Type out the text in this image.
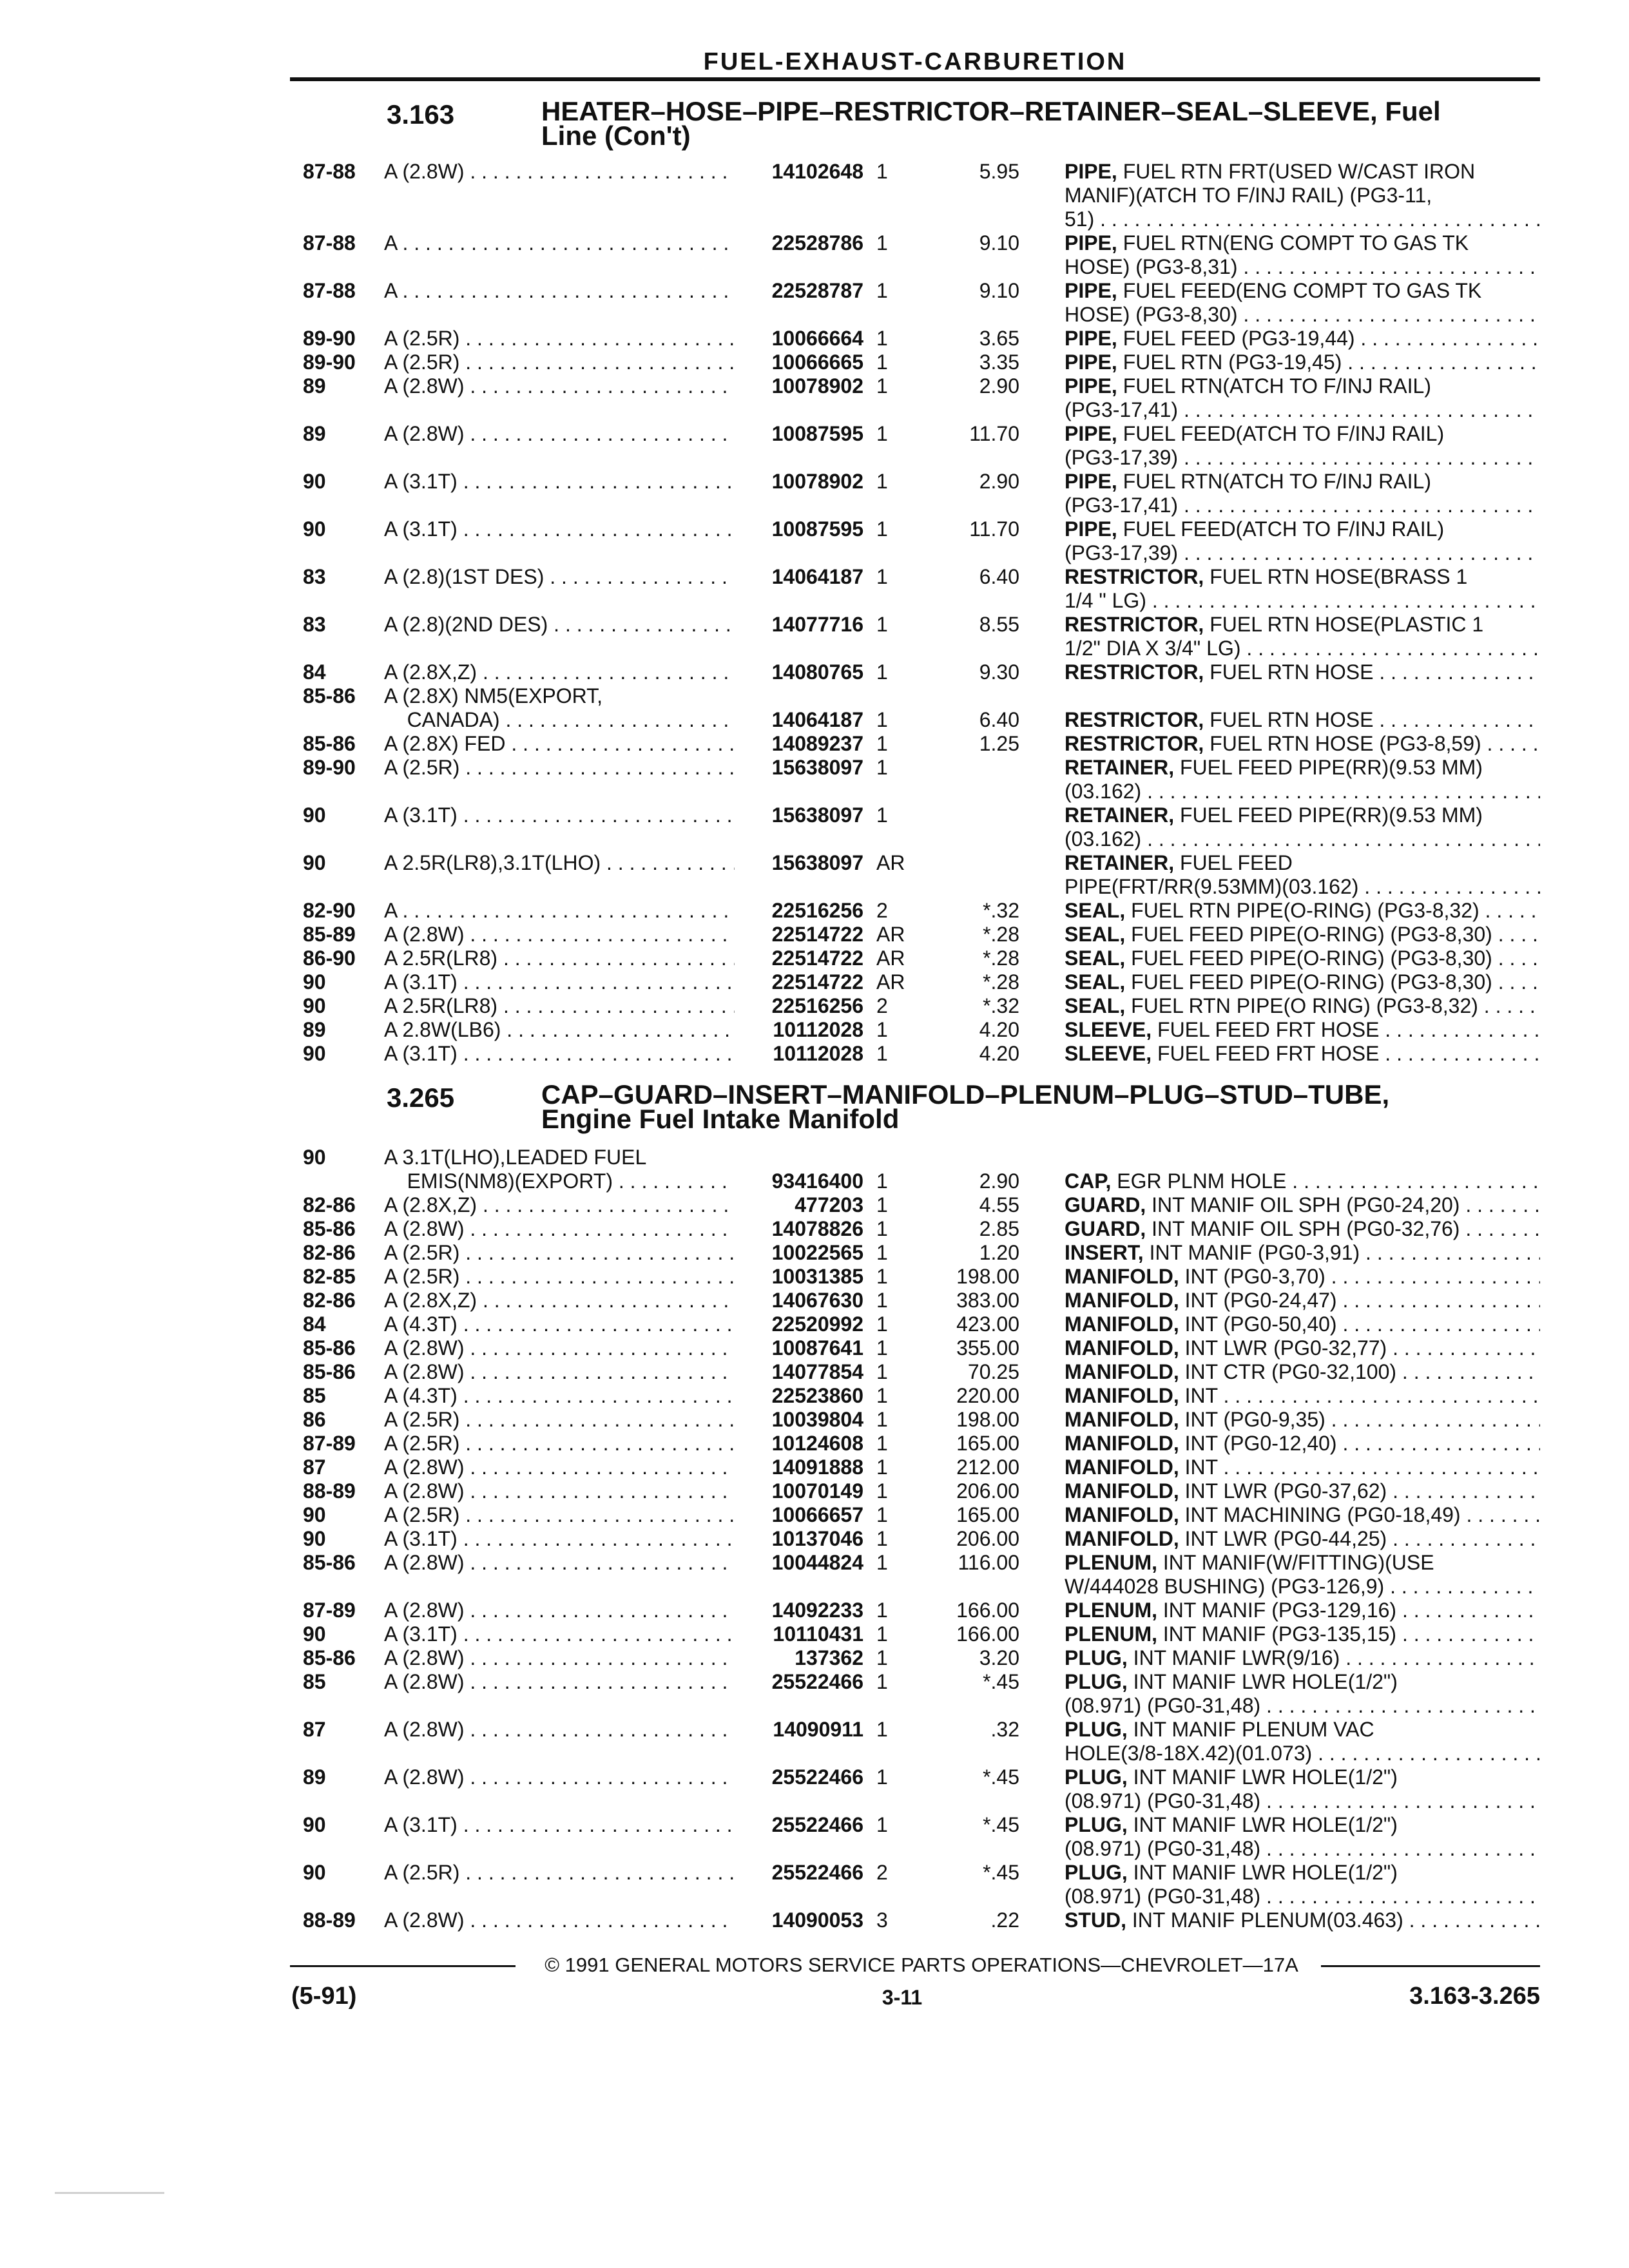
FUEL-EXHAUST-CARBURETION
3.163	HEATER–HOSE–PIPE–RESTRICTOR–RETAINER–SEAL–SLEEVE, Fuel
Line (Con't)
87-88	A (2.8W) . . .	14102648 1	5.95 PIPE, FUEL RTN FRT(USED W/CAST IRON
MANIF)(ATCH TO F/INJ RAIL) (PG3-11,
51) . . .
87-88	A . . .	22528786 1	9.10 PIPE, FUEL RTN(ENG COMPT TO GAS TK
HOSE) (PG3-8,31) . . .
87-88	A . . .	22528787 1	9.10 PIPE, FUEL FEED(ENG COMPT TO GAS TK
HOSE) (PG3-8,30) . . .
89-90	A (2.5R) . . .	10066664 1	3.65 PIPE, FUEL FEED (PG3-19,44) . . .
89-90	A (2.5R) . . .	10066665 1	3.35 PIPE, FUEL RTN (PG3-19,45) . . .
89	A (2.8W) . . .	10078902 1	2.90 PIPE, FUEL RTN(ATCH TO F/INJ RAIL)
(PG3-17,41) . . .
89	A (2.8W) . . .	10087595 1	11.70 PIPE, FUEL FEED(ATCH TO F/INJ RAIL)
(PG3-17,39) . . .
90	A (3.1T) . . .	10078902 1	2.90 PIPE, FUEL RTN(ATCH TO F/INJ RAIL)
(PG3-17,41) . . .
90	A (3.1T) . . .	10087595 1	11.70 PIPE, FUEL FEED(ATCH TO F/INJ RAIL)
(PG3-17,39) . . .
83	A (2.8)(1ST DES) . . .	14064187 1	6.40 RESTRICTOR, FUEL RTN HOSE(BRASS 1
1/4 " LG) . . .
83	A (2.8)(2ND DES) . . .	14077716 1	8.55 RESTRICTOR, FUEL RTN HOSE(PLASTIC 1
1/2" DIA X 3/4" LG) . . .
84	A (2.8X,Z) . . .	14080765 1	9.30 RESTRICTOR, FUEL RTN HOSE . . .
85-86	A (2.8X) NM5(EXPORT,
CANADA) . . .	14064187 1	6.40 RESTRICTOR, FUEL RTN HOSE . . .
85-86	A (2.8X) FED . . .	14089237 1	1.25 RESTRICTOR, FUEL RTN HOSE (PG3-8,59) . . .
89-90	A (2.5R) . . .	15638097 1	RETAINER, FUEL FEED PIPE(RR)(9.53 MM)
(03.162) . . .
90	A (3.1T) . . .	15638097 1	RETAINER, FUEL FEED PIPE(RR)(9.53 MM)
(03.162) . . .
90	A 2.5R(LR8),3.1T(LHO) . . .	15638097 AR	RETAINER, FUEL FEED
PIPE(FRT/RR(9.53MM)(03.162) . . .
82-90	A . . .	22516256 2	*.32 SEAL, FUEL RTN PIPE(O-RING) (PG3-8,32) . . .
85-89	A (2.8W) . . .	22514722 AR	*.28 SEAL, FUEL FEED PIPE(O-RING) (PG3-8,30) . . .
86-90	A 2.5R(LR8) . . .	22514722 AR	*.28 SEAL, FUEL FEED PIPE(O-RING) (PG3-8,30) . . .
90	A (3.1T) . . .	22514722 AR	*.28 SEAL, FUEL FEED PIPE(O-RING) (PG3-8,30) . . .
90	A 2.5R(LR8) . . .	22516256 2	*.32 SEAL, FUEL RTN PIPE(O RING) (PG3-8,32) . . .
89	A 2.8W(LB6) . . .	10112028 1	4.20 SLEEVE, FUEL FEED FRT HOSE . . .
90	A (3.1T) . . .	10112028 1	4.20 SLEEVE, FUEL FEED FRT HOSE . . .
3.265	CAP–GUARD–INSERT–MANIFOLD–PLENUM–PLUG–STUD–TUBE,
Engine Fuel Intake Manifold
90	A 3.1T(LHO),LEADED FUEL
EMIS(NM8)(EXPORT) . . .	93416400 1	2.90 CAP, EGR PLNM HOLE . . .
82-86	A (2.8X,Z) . . .	477203 1	4.55 GUARD, INT MANIF OIL SPH (PG0-24,20) . . .
85-86	A (2.8W) . . .	14078826 1	2.85 GUARD, INT MANIF OIL SPH (PG0-32,76) . . .
82-86	A (2.5R) . . .	10022565 1	1.20 INSERT, INT MANIF (PG0-3,91) . . .
82-85	A (2.5R) . . .	10031385 1	198.00 MANIFOLD, INT (PG0-3,70) . . .
82-86	A (2.8X,Z) . . .	14067630 1	383.00 MANIFOLD, INT (PG0-24,47) . . .
84	A (4.3T) . . .	22520992 1	423.00 MANIFOLD, INT (PG0-50,40) . . .
85-86	A (2.8W) . . .	10087641 1	355.00 MANIFOLD, INT LWR (PG0-32,77) . . .
85-86	A (2.8W) . . .	14077854 1	70.25 MANIFOLD, INT CTR (PG0-32,100) . . .
85	A (4.3T) . . .	22523860 1	220.00 MANIFOLD, INT . . .
86	A (2.5R) . . .	10039804 1	198.00 MANIFOLD, INT (PG0-9,35) . . .
87-89	A (2.5R) . . .	10124608 1	165.00 MANIFOLD, INT (PG0-12,40) . . .
87	A (2.8W) . . .	14091888 1	212.00 MANIFOLD, INT . . .
88-89	A (2.8W) . . .	10070149 1	206.00 MANIFOLD, INT LWR (PG0-37,62) . . .
90	A (2.5R) . . .	10066657 1	165.00 MANIFOLD, INT MACHINING (PG0-18,49) . . .
90	A (3.1T) . . .	10137046 1	206.00 MANIFOLD, INT LWR (PG0-44,25) . . .
85-86	A (2.8W) . . .	10044824 1	116.00 PLENUM, INT MANIF(W/FITTING)(USE
W/444028 BUSHING) (PG3-126,9) . . .
87-89	A (2.8W) . . .	14092233 1	166.00 PLENUM, INT MANIF (PG3-129,16) . . .
90	A (3.1T) . . .	10110431 1	166.00 PLENUM, INT MANIF (PG3-135,15) . . .
85-86	A (2.8W) . . .	137362 1	3.20 PLUG, INT MANIF LWR(9/16) . . .
85	A (2.8W) . . .	25522466 1	*.45 PLUG, INT MANIF LWR HOLE(1/2")
(08.971) (PG0-31,48) . . .
87	A (2.8W) . . .	14090911 1	.32 PLUG, INT MANIF PLENUM VAC
HOLE(3/8-18X.42)(01.073) . . .
89	A (2.8W) . . .	25522466 1	*.45 PLUG, INT MANIF LWR HOLE(1/2")
(08.971) (PG0-31,48) . . .
90	A (3.1T) . . .	25522466 1	*.45 PLUG, INT MANIF LWR HOLE(1/2")
(08.971) (PG0-31,48) . . .
90	A (2.5R) . . .	25522466 2	*.45 PLUG, INT MANIF LWR HOLE(1/2")
(08.971) (PG0-31,48) . . .
88-89	A (2.8W) . . .	14090053 3	.22 STUD, INT MANIF PLENUM(03.463) . . .
© 1991 GENERAL MOTORS SERVICE PARTS OPERATIONS—CHEVROLET—17A
(5-91)	3-11	3.163-3.265
